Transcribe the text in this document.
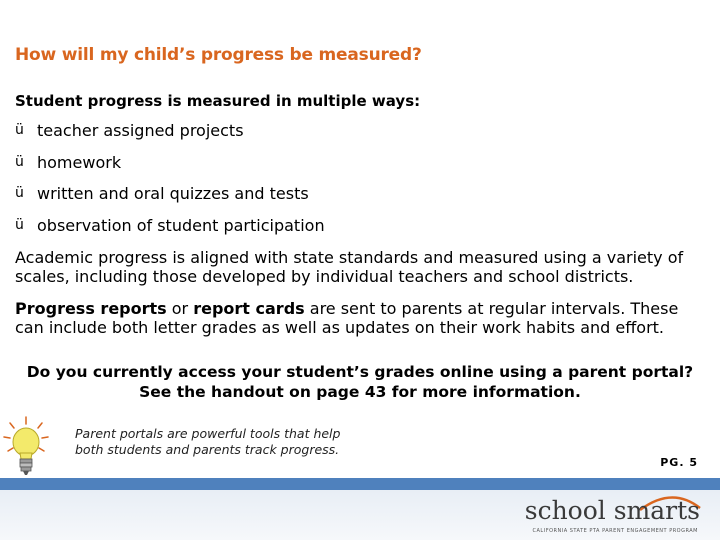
How will my child’s progress be measured?

Student progress is measured in multiple ways:

ü teacher assigned projects
ü homework
ü written and oral quizzes and tests
ü observation of student participation

Academic progress is aligned with state standards and measured using a variety of scales, including those developed by individual teachers and school districts.

Progress reports or report cards are sent to parents at regular intervals. These can include both letter grades as well as updates on their work habits and effort.

Do you currently access your student’s grades online using a parent portal?
See the handout on page 43 for more information.

Parent portals are powerful tools that help both students and parents track progress.

PG. 5

school smarts
CALIFORNIA STATE PTA PARENT ENGAGEMENT PROGRAM
